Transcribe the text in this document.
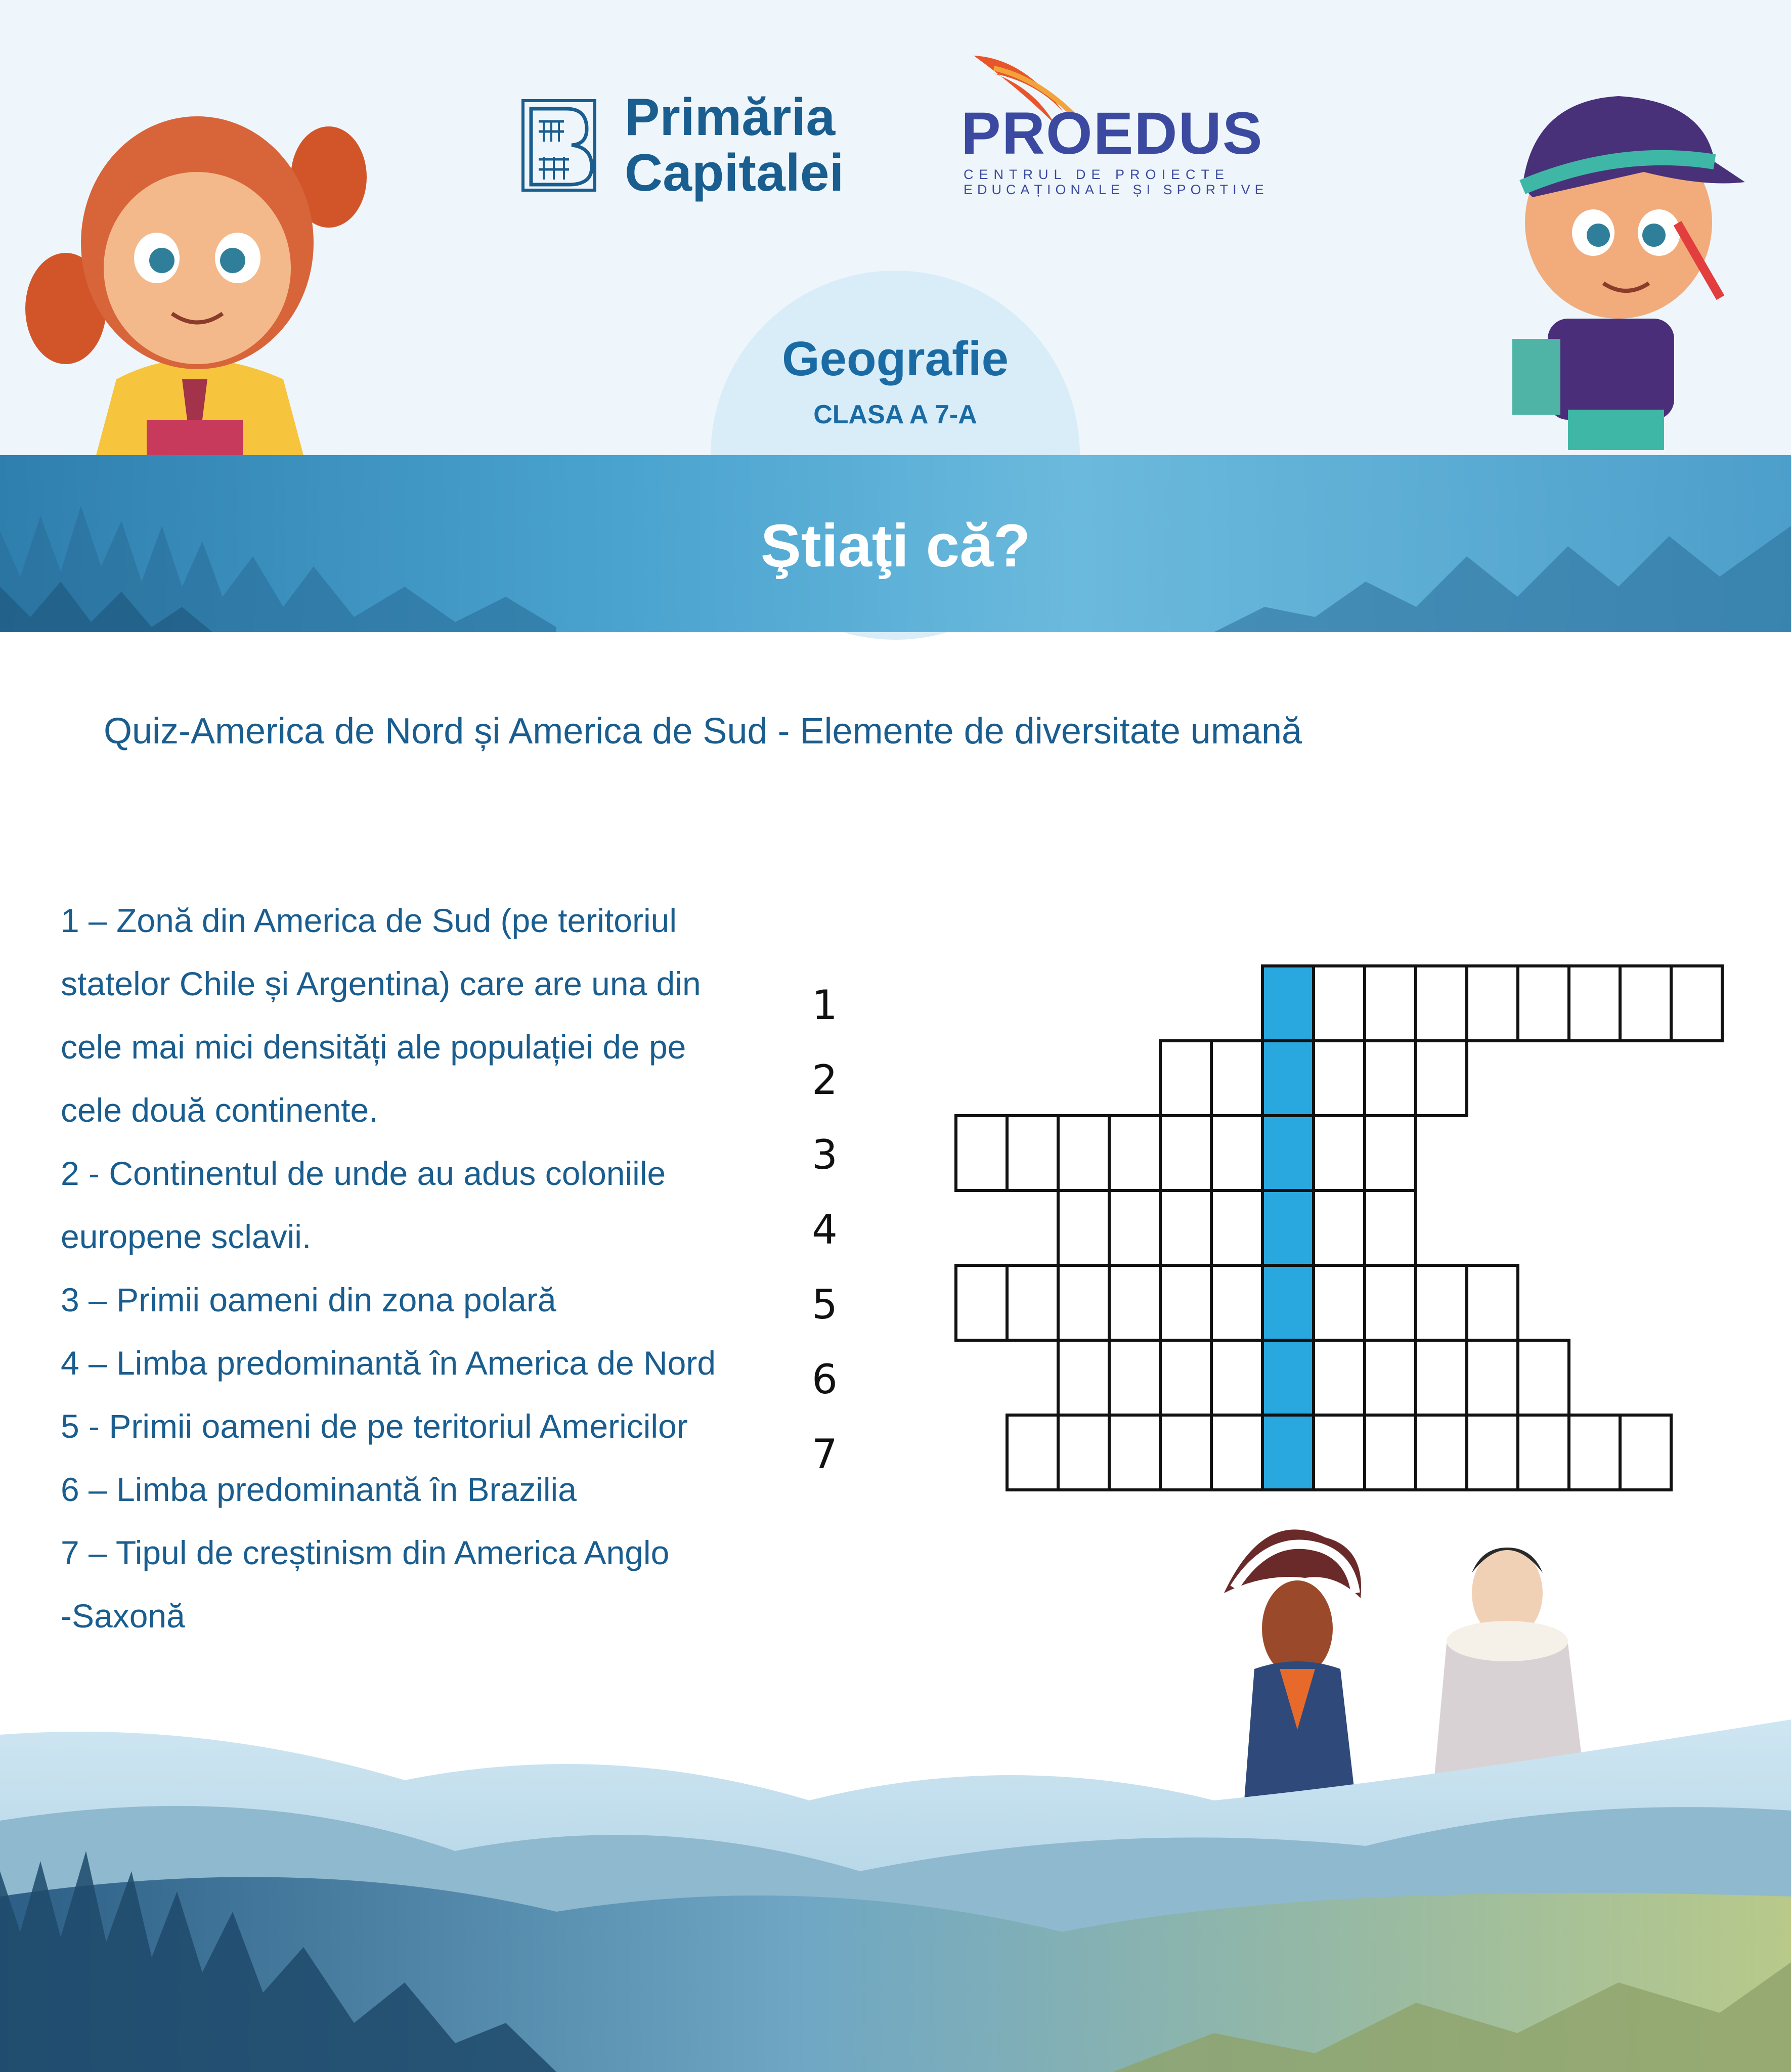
Primăria
Capitalei
PROEDUS
CENTRUL DE PROIECTE
EDUCAȚIONALE ȘI SPORTIVE
Geografie
CLASA A 7-A
Ştiaţi că?
Quiz-America de Nord și America de Sud - Elemente de diversitate umană
1 – Zonă din America de Sud (pe teritoriul
statelor Chile și Argentina) care are una din
cele mai mici densități ale populației de pe
cele două continente.
2 - Continentul de unde au adus coloniile
europene sclavii.
3 – Primii oameni din zona polară
4 – Limba predominantă în America de Nord
5 - Primii oameni de pe teritoriul Americilor
6 – Limba predominantă în Brazilia
7 – Tipul de creștinism din America Anglo
-Saxonă
1
2
3
4
5
6
7
